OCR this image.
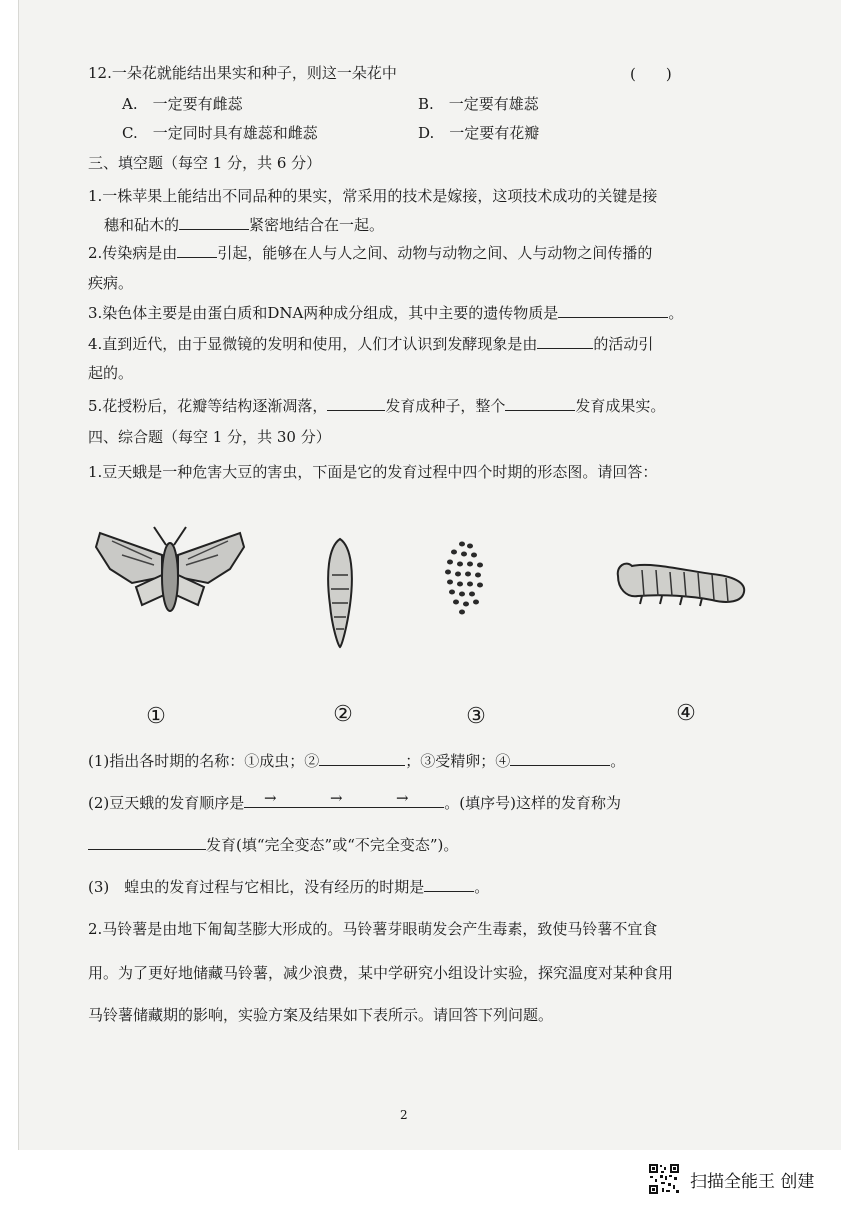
12.一朵花就能结出果实和种子，则这一朵花中	(　　)
A.　一定要有雌蕊	B.　一定要有雄蕊
C.　一定同时具有雄蕊和雌蕊	D.　一定要有花瓣
三、填空题（每空 1 分，共 6 分）
1.一株苹果上能结出不同品种的果实，常采用的技术是嫁接，这项技术成功的关键是接
穗和砧木的	紧密地结合在一起。
2.传染病是由	引起，能够在人与人之间、动物与动物之间、人与动物之间传播的
疾病。
3.染色体主要是由蛋白质和DNA两种成分组成，其中主要的遗传物质是	。
4.直到近代，由于显微镜的发明和使用，人们才认识到发酵现象是由	的活动引
起的。
5.花授粉后，花瓣等结构逐渐凋落，	发育成种子，整个	发育成果实。
四、综合题（每空 1 分，共 30 分）
1.豆天蛾是一种危害大豆的害虫，下面是它的发育过程中四个时期的形态图。请回答：
①	②	③	④
(1)指出各时期的名称：①成虫；②	；③受精卵；④	。
(2)豆天蛾的发育顺序是	→	→	→	。(填序号)这样的发育称为
发育(填“完全变态”或“不完全变态”)。
(3)　蝗虫的发育过程与它相比，没有经历的时期是	。
2.马铃薯是由地下匍匐茎膨大形成的。马铃薯芽眼萌发会产生毒素，致使马铃薯不宜食
用。为了更好地储藏马铃薯，减少浪费，某中学研究小组设计实验，探究温度对某种食用
马铃薯储藏期的影响，实验方案及结果如下表所示。请回答下列问题。
2
扫描全能王 创建
